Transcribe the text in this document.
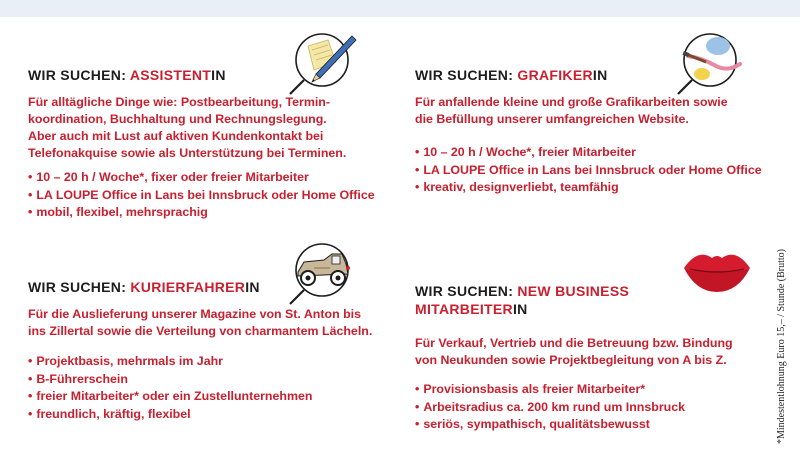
WIR SUCHEN: ASSISTENTIN
Für alltägliche Dinge wie: Postbearbeitung, Termin-
koordination, Buchhaltung und Rechnungslegung.
Aber auch mit Lust auf aktiven Kundenkontakt bei
Telefonakquise sowie als Unterstützung bei Terminen.
• 10 – 20 h / Woche*, fixer oder freier Mitarbeiter
• LA LOUPE Office in Lans bei Innsbruck oder Home Office
• mobil, flexibel, mehrsprachig
WIR SUCHEN: GRAFIKERIN
Für anfallende kleine und große Grafikarbeiten sowie
die Befüllung unserer umfangreichen Website.
• 10 – 20 h / Woche*, freier Mitarbeiter
• LA LOUPE Office in Lans bei Innsbruck oder Home Office
• kreativ, designverliebt, teamfähig
WIR SUCHEN: KURIERFAHRERIN
Für die Auslieferung unserer Magazine von St. Anton bis
ins Zillertal sowie die Verteilung von charmantem Lächeln.
• Projektbasis, mehrmals im Jahr
• B-Führerschein
• freier Mitarbeiter* oder ein Zustellunternehmen
• freundlich, kräftig, flexibel
WIR SUCHEN: NEW BUSINESS MITARBEITERIN
Für Verkauf, Vertrieb und die Betreuung bzw. Bindung
von Neukunden sowie Projektbegleitung von A bis Z.
• Provisionsbasis als freier Mitarbeiter*
• Arbeitsradius ca. 200 km rund um Innsbruck
• seriös, sympathisch, qualitätsbewusst	*Mindestentlohnung Euro 15,– / Stunde (Brutto)
